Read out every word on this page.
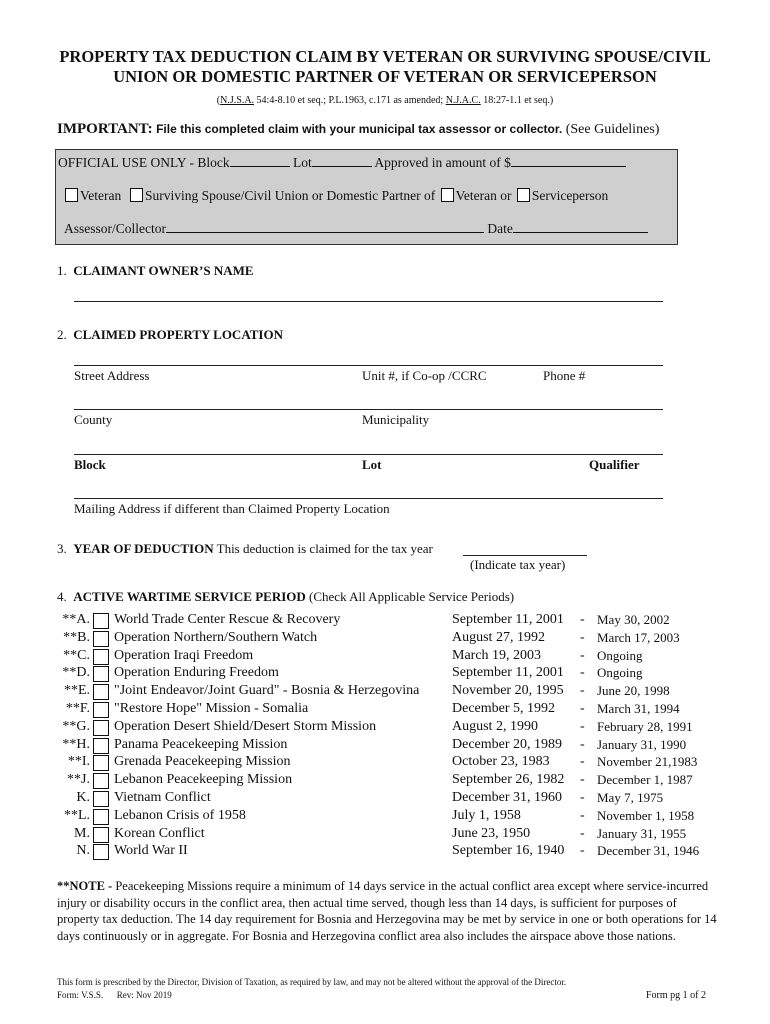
PROPERTY TAX DEDUCTION CLAIM BY VETERAN OR SURVIVING SPOUSE/CIVIL
UNION OR DOMESTIC PARTNER OF VETERAN OR SERVICEPERSON
(N.J.S.A. 54:4-8.10 et seq.; P.L.1963, c.171 as amended; N.J.A.C. 18:27-1.1 et seq.)
IMPORTANT: File this completed claim with your municipal tax assessor or collector. (See Guidelines)
OFFICIAL USE ONLY - Block	Lot	Approved in amount of $
Veteran Surviving Spouse/Civil Union or Domestic Partner of Veteran or Serviceperson
Assessor/Collector	Date
1. CLAIMANT OWNER’S NAME
2. CLAIMED PROPERTY LOCATION
Street Address	Unit #, if Co-op /CCRC	Phone #
County	Municipality
Block	Lot	Qualifier
Mailing Address if different than Claimed Property Location
3. YEAR OF DEDUCTION This deduction is claimed for the tax year
(Indicate tax year)
4. ACTIVE WARTIME SERVICE PERIOD (Check All Applicable Service Periods)
**A. World Trade Center Rescue & Recovery	September 11, 2001 - May 30, 2002
**B. Operation Northern/Southern Watch	August 27, 1992	- March 17, 2003
**C. Operation Iraqi Freedom	March 19, 2003	- Ongoing
**D. Operation Enduring Freedom	September 11, 2001 - Ongoing
**E. "Joint Endeavor/Joint Guard" - Bosnia & Herzegovina November 20, 1995 - June 20, 1998
**F. "Restore Hope" Mission - Somalia	December 5, 1992 - March 31, 1994
**G. Operation Desert Shield/Desert Storm Mission	August 2, 1990	- February 28, 1991
**H. Panama Peacekeeping Mission	December 20, 1989 - January 31, 1990
**I. Grenada Peacekeeping Mission	October 23, 1983 - November 21,1983
**J. Lebanon Peacekeeping Mission	September 26, 1982 - December 1, 1987
K. Vietnam Conflict	December 31, 1960 - May 7, 1975
**L. Lebanon Crisis of 1958	July 1, 1958	- November 1, 1958
M. Korean Conflict	June 23, 1950	- January 31, 1955
N. World War II	September 16, 1940 - December 31, 1946
**NOTE - Peacekeeping Missions require a minimum of 14 days service in the actual conflict area except where service-incurred injury or disability occurs in the conflict area, then actual time served, though less than 14 days, is sufficient for purposes of property tax deduction. The 14 day requirement for Bosnia and Herzegovina may be met by service in one or both operations for 14 days continuously or in aggregate. For Bosnia and Herzegovina conflict area also includes the airspace above those nations.
This form is prescribed by the Director, Division of Taxation, as required by law, and may not be altered without the approval of the Director.
Form: V.S.S. Rev: Nov 2019	Form pg 1 of 2
